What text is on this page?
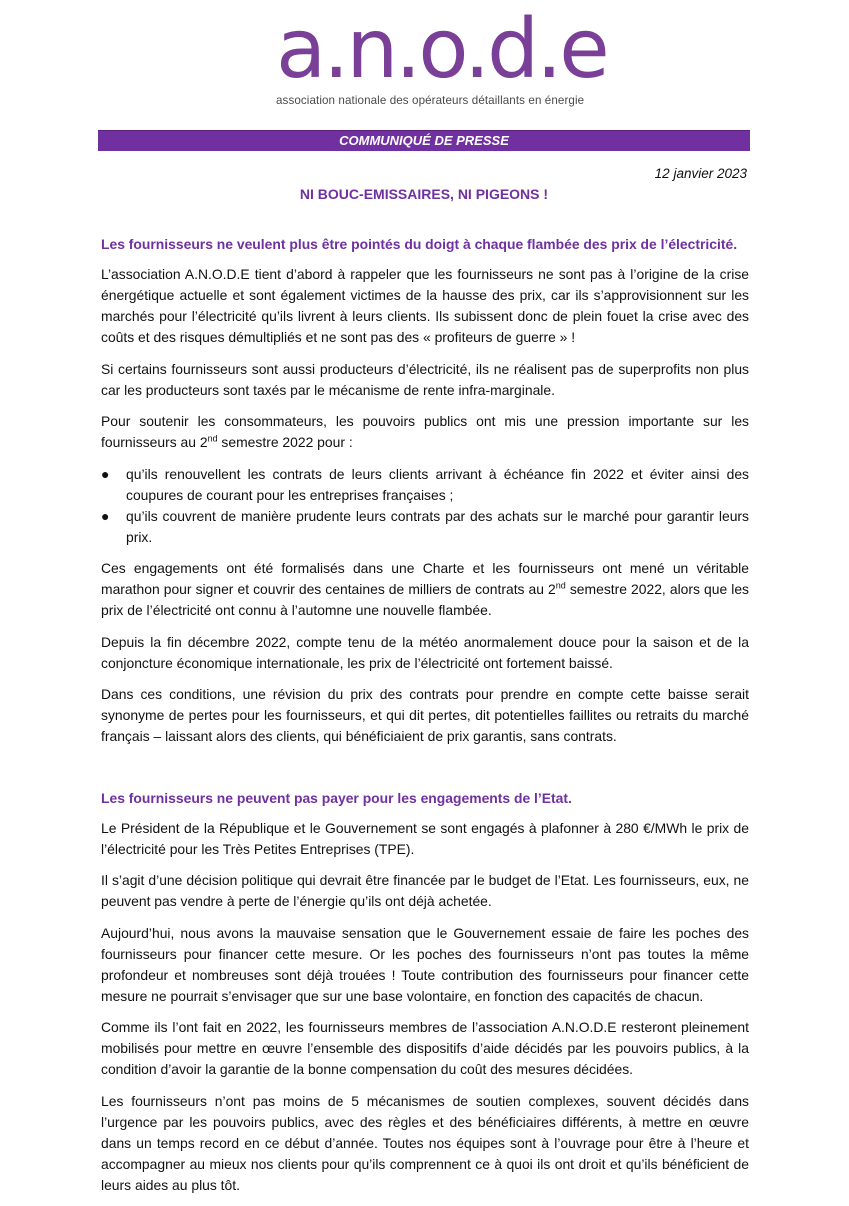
a.n.o.d.e
association nationale des opérateurs détaillants en énergie
COMMUNIQUÉ DE PRESSE
12 janvier 2023
NI BOUC-EMISSAIRES, NI PIGEONS !
Les fournisseurs ne veulent plus être pointés du doigt à chaque flambée des prix de l’électricité.

L’association A.N.O.D.E tient d’abord à rappeler que les fournisseurs ne sont pas à l’origine de la crise énergétique actuelle et sont également victimes de la hausse des prix, car ils s’approvisionnent sur les marchés pour l’électricité qu’ils livrent à leurs clients. Ils subissent donc de plein fouet la crise avec des coûts et des risques démultipliés et ne sont pas des « profiteurs de guerre » !

Si certains fournisseurs sont aussi producteurs d’électricité, ils ne réalisent pas de superprofits non plus car les producteurs sont taxés par le mécanisme de rente infra-marginale.

Pour soutenir les consommateurs, les pouvoirs publics ont mis une pression importante sur les fournisseurs au 2nd semestre 2022 pour :

● qu’ils renouvellent les contrats de leurs clients arrivant à échéance fin 2022 et éviter ainsi des coupures de courant pour les entreprises françaises ;
● qu’ils couvrent de manière prudente leurs contrats par des achats sur le marché pour garantir leurs prix.

Ces engagements ont été formalisés dans une Charte et les fournisseurs ont mené un véritable marathon pour signer et couvrir des centaines de milliers de contrats au 2nd semestre 2022, alors que les prix de l’électricité ont connu à l’automne une nouvelle flambée.

Depuis la fin décembre 2022, compte tenu de la météo anormalement douce pour la saison et de la conjoncture économique internationale, les prix de l’électricité ont fortement baissé.

Dans ces conditions, une révision du prix des contrats pour prendre en compte cette baisse serait synonyme de pertes pour les fournisseurs, et qui dit pertes, dit potentielles faillites ou retraits du marché français – laissant alors des clients, qui bénéficiaient de prix garantis, sans contrats.

Les fournisseurs ne peuvent pas payer pour les engagements de l’Etat.

Le Président de la République et le Gouvernement se sont engagés à plafonner à 280 €/MWh le prix de l’électricité pour les Très Petites Entreprises (TPE).

Il s’agit d’une décision politique qui devrait être financée par le budget de l’Etat. Les fournisseurs, eux, ne peuvent pas vendre à perte de l’énergie qu’ils ont déjà achetée.

Aujourd’hui, nous avons la mauvaise sensation que le Gouvernement essaie de faire les poches des fournisseurs pour financer cette mesure. Or les poches des fournisseurs n’ont pas toutes la même profondeur et nombreuses sont déjà trouées ! Toute contribution des fournisseurs pour financer cette mesure ne pourrait s’envisager que sur une base volontaire, en fonction des capacités de chacun.

Comme ils l’ont fait en 2022, les fournisseurs membres de l’association A.N.O.D.E resteront pleinement mobilisés pour mettre en œuvre l’ensemble des dispositifs d’aide décidés par les pouvoirs publics, à la condition d’avoir la garantie de la bonne compensation du coût des mesures décidées.

Les fournisseurs n’ont pas moins de 5 mécanismes de soutien complexes, souvent décidés dans l’urgence par les pouvoirs publics, avec des règles et des bénéficiaires différents, à mettre en œuvre dans un temps record en ce début d’année. Toutes nos équipes sont à l’ouvrage pour être à l’heure et accompagner au mieux nos clients pour qu’ils comprennent ce à quoi ils ont droit et qu’ils bénéficient de leurs aides au plus tôt.
